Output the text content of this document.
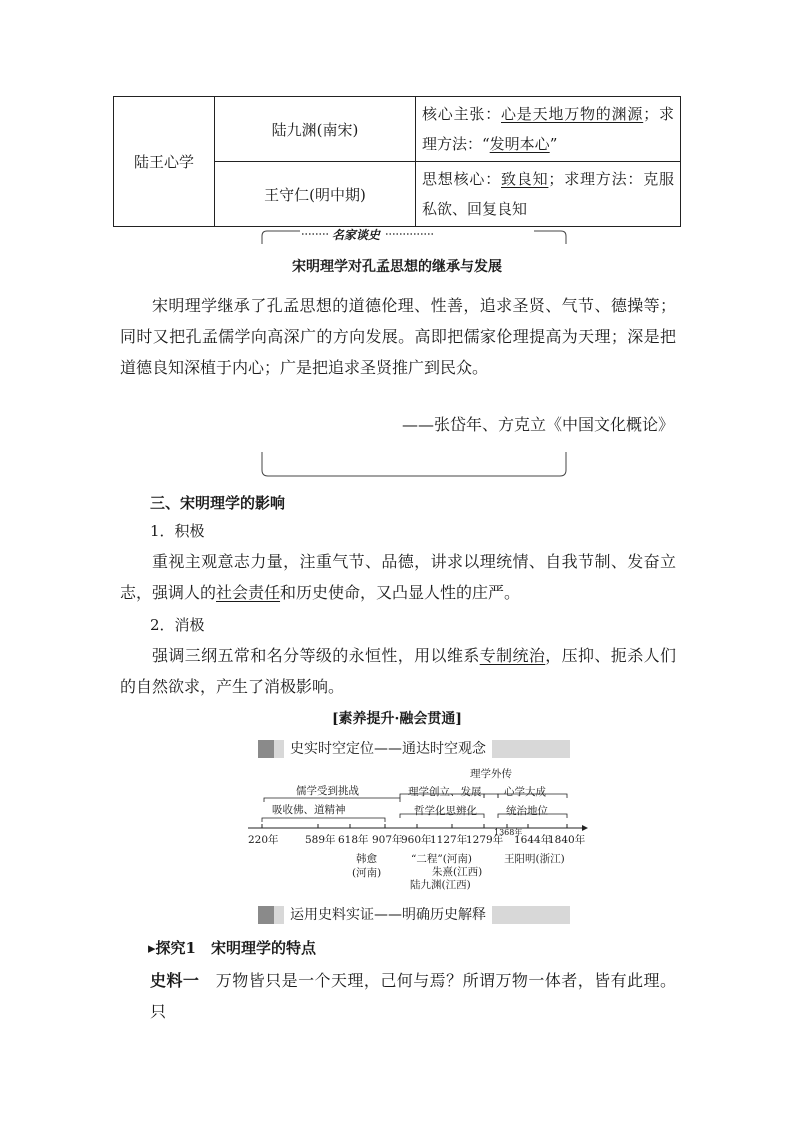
陆王心学	陆九渊(南宋)	核心主张：心是天地万物的渊源；求理方法：“发明本心”
	王守仁(明中期)	思想核心：致良知；求理方法：克服私欲、回复良知
名家谈史
宋明理学对孔孟思想的继承与发展
宋明理学继承了孔孟思想的道德伦理、性善，追求圣贤、气节、德操等；同时又把孔孟儒学向高深广的方向发展。高即把儒家伦理提高为天理；深是把道德良知深植于内心；广是把追求圣贤推广到民众。
——张岱年、方克立《中国文化概论》
三、宋明理学的影响
1．积极
重视主观意志力量，注重气节、品德，讲求以理统情、自我节制、发奋立志，强调人的社会责任和历史使命，又凸显人性的庄严。
2．消极
强调三纲五常和名分等级的永恒性，用以维系专制统治，压抑、扼杀人们的自然欲求，产生了消极影响。
[素养提升·融会贯通]
史实时空定位——通达时空观念
儒学受到挑战
吸收佛、道精神
理学外传
理学创立、发展
哲学化思辨化
心学大成
统治地位
220年	589年 618年 907年
960年
1127年
1279年
1368年
1644年
1840年
韩愈
(河南)
“二程”(河南)
朱熹(江西)
陆九渊(江西)
王阳明(浙江)
运用史料实证——明确历史解释
▸探究1　宋明理学的特点
史料一　万物皆只是一个天理，己何与焉？所谓万物一体者，皆有此理。只
